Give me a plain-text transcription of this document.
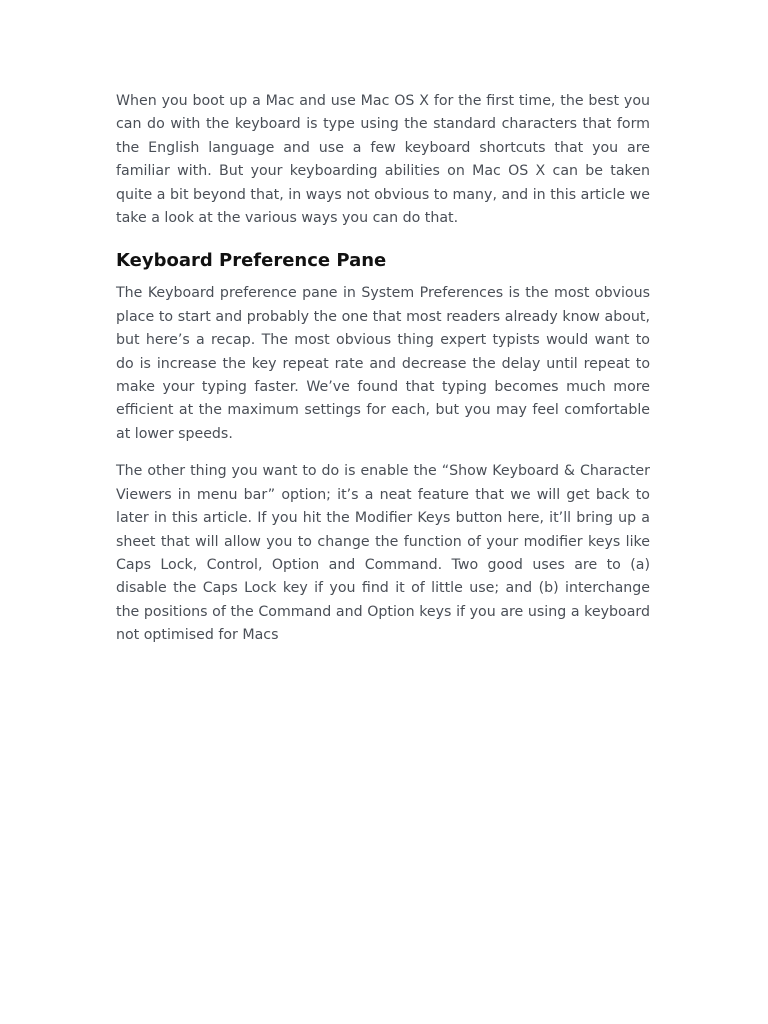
When you boot up a Mac and use Mac OS X for the first time, the best you can do with the keyboard is type using the standard characters that form the English language and use a few keyboard shortcuts that you are familiar with. But your keyboarding abilities on Mac OS X can be taken quite a bit beyond that, in ways not obvious to many, and in this article we take a look at the various ways you can do that.

Keyboard Preference Pane

The Keyboard preference pane in System Preferences is the most obvious place to start and probably the one that most readers already know about, but here’s a recap. The most obvious thing expert typists would want to do is increase the key repeat rate and decrease the delay until repeat to make your typing faster. We’ve found that typing becomes much more efficient at the maximum settings for each, but you may feel comfortable at lower speeds.

The other thing you want to do is enable the “Show Keyboard & Character Viewers in menu bar” option; it’s a neat feature that we will get back to later in this article. If you hit the Modifier Keys button here, it’ll bring up a sheet that will allow you to change the function of your modifier keys like Caps Lock, Control, Option and Command. Two good uses are to (a) disable the Caps Lock key if you find it of little use; and (b) interchange the positions of the Command and Option keys if you are using a keyboard not optimised for Macs
